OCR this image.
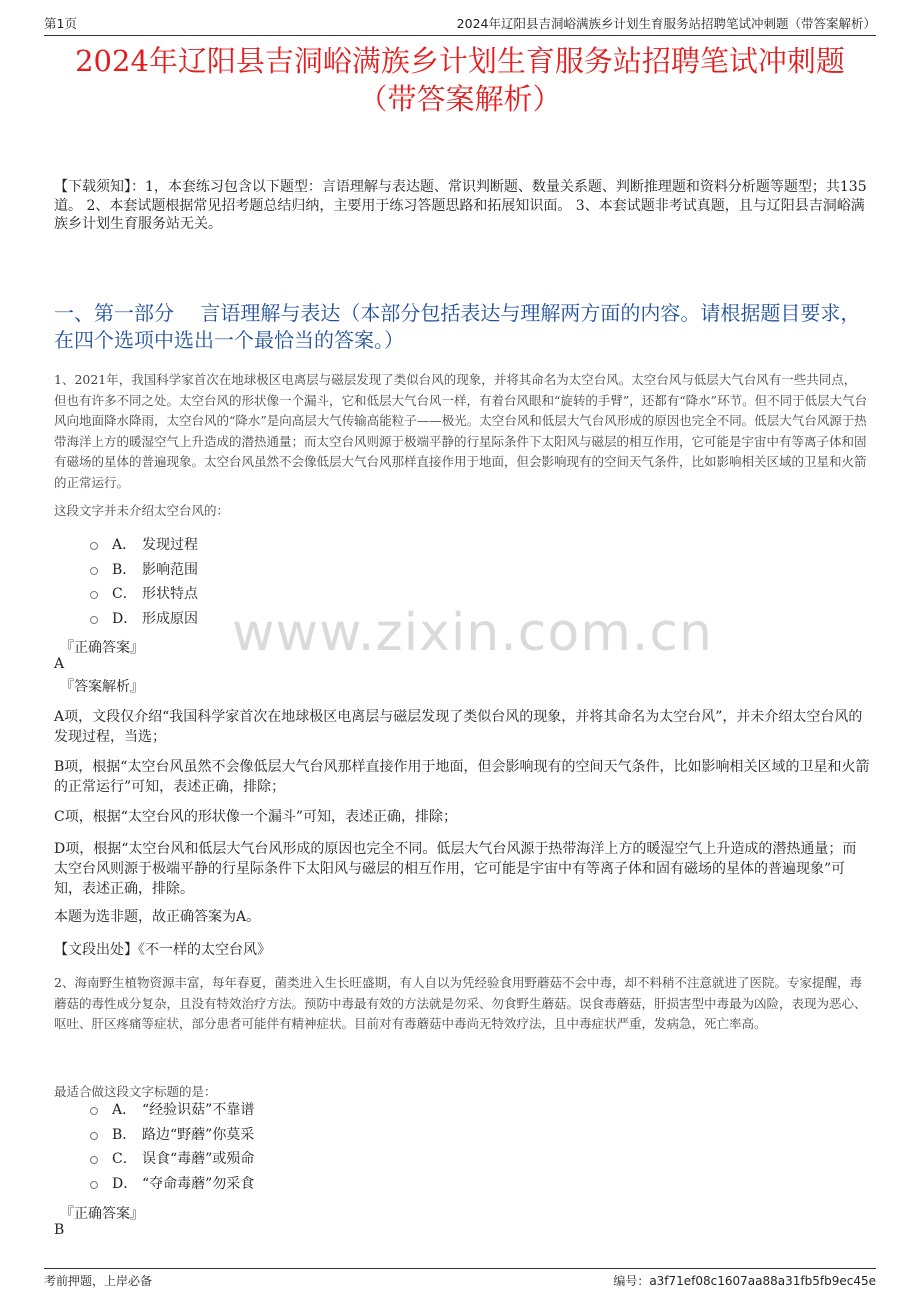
第1页	2024年辽阳县吉洞峪满族乡计划生育服务站招聘笔试冲刺题（带答案解析）
2024年辽阳县吉洞峪满族乡计划生育服务站招聘笔试冲刺题
（带答案解析）
【下载须知】：1，本套练习包含以下题型：言语理解与表达题、常识判断题、数量关系题、判断推理题和资料分析题等题型；共135道。 2、本套试题根据常见招考题总结归纳，主要用于练习答题思路和拓展知识面。 3、本套试题非考试真题，且与辽阳县吉洞峪满族乡计划生育服务站无关。
一、第一部分　 言语理解与表达（本部分包括表达与理解两方面的内容。请根据题目要求，在四个选项中选出一个最恰当的答案。）
1、2021年，我国科学家首次在地球极区电离层与磁层发现了类似台风的现象，并将其命名为太空台风。太空台风与低层大气台风有一些共同点，但也有许多不同之处。太空台风的形状像一个漏斗，它和低层大气台风一样，有着台风眼和“旋转的手臂”，还都有“降水”环节。但不同于低层大气台风向地面降水降雨，太空台风的“降水”是向高层大气传输高能粒子——极光。太空台风和低层大气台风形成的原因也完全不同。低层大气台风源于热带海洋上方的暖湿空气上升造成的潜热通量；而太空台风则源于极端平静的行星际条件下太阳风与磁层的相互作用，它可能是宇宙中有等离子体和固有磁场的星体的普遍现象。太空台风虽然不会像低层大气台风那样直接作用于地面，但会影响现有的空间天气条件，比如影响相关区域的卫星和火箭的正常运行。
这段文字并未介绍太空台风的：
A． 发现过程
B． 影响范围
C． 形状特点
D． 形成原因
『正确答案』
A
『答案解析』
A项，文段仅介绍“我国科学家首次在地球极区电离层与磁层发现了类似台风的现象，并将其命名为太空台风”，并未介绍太空台风的发现过程，当选；
B项，根据“太空台风虽然不会像低层大气台风那样直接作用于地面，但会影响现有的空间天气条件，比如影响相关区域的卫星和火箭的正常运行”可知，表述正确，排除；
C项，根据“太空台风的形状像一个漏斗”可知，表述正确，排除；
D项，根据“太空台风和低层大气台风形成的原因也完全不同。低层大气台风源于热带海洋上方的暖湿空气上升造成的潜热通量；而太空台风则源于极端平静的行星际条件下太阳风与磁层的相互作用，它可能是宇宙中有等离子体和固有磁场的星体的普遍现象”可知，表述正确，排除。
本题为选非题，故正确答案为A。
【文段出处】《不一样的太空台风》
2、海南野生植物资源丰富，每年春夏，菌类进入生长旺盛期，有人自以为凭经验食用野蘑菇不会中毒，却不料稍不注意就进了医院。专家提醒，毒蘑菇的毒性成分复杂，且没有特效治疗方法。预防中毒最有效的方法就是勿采、勿食野生蘑菇。误食毒蘑菇，肝损害型中毒最为凶险，表现为恶心、呕吐、肝区疼痛等症状，部分患者可能伴有精神症状。目前对有毒蘑菇中毒尚无特效疗法，且中毒症状严重，发病急，死亡率高。
最适合做这段文字标题的是：
A． “经验识菇”不靠谱
B． 路边“野蘑”你莫采
C． 误食“毒蘑”或殒命
D． “夺命毒蘑”勿采食
『正确答案』
B
www.zixin.com.cn
考前押题，上岸必备	编号：a3f71ef08c1607aa88a31fb5fb9ec45e
